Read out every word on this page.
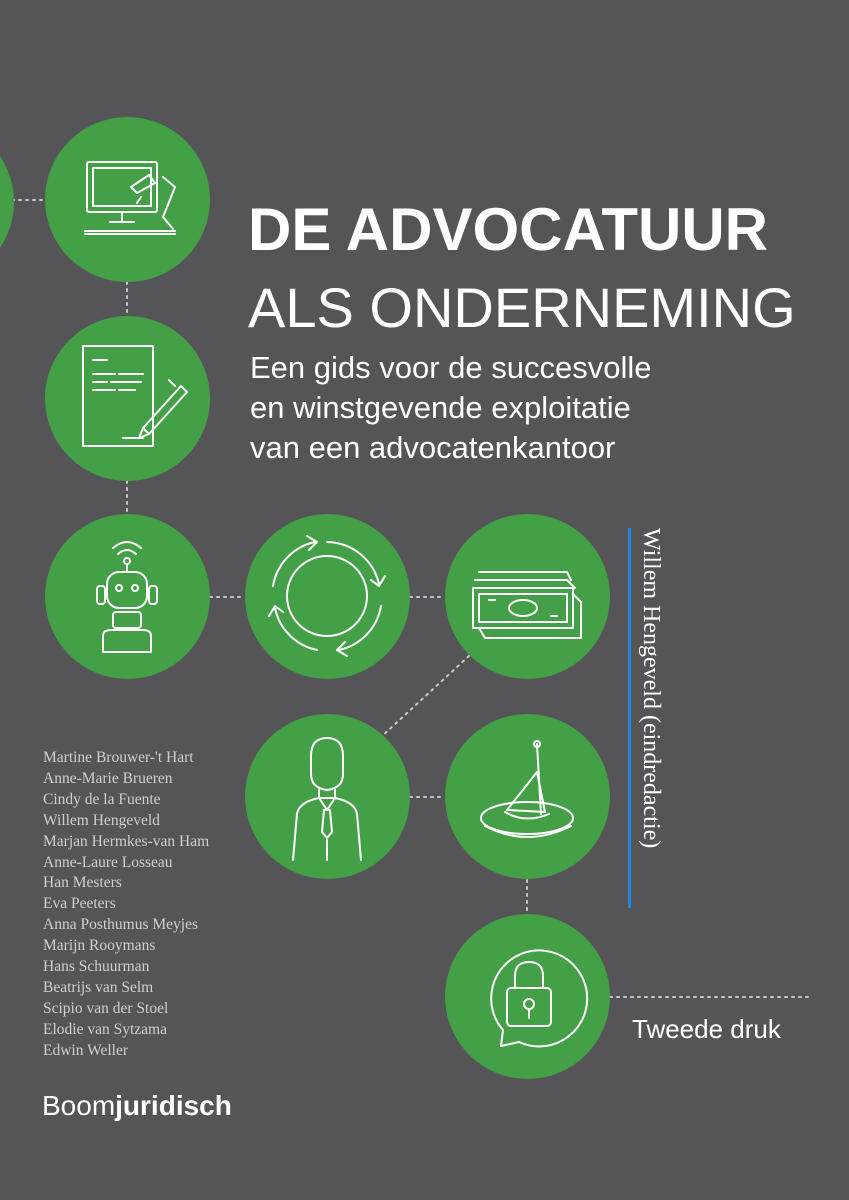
DE ADVOCATUUR
ALS ONDERNEMING
Een gids voor de succesvolle
en winstgevende exploitatie
van een advocatenkantoor
Willem Hengeveld (eindredactie)
Martine Brouwer-'t Hart
Anne-Marie Brueren
Cindy de la Fuente
Willem Hengeveld
Marjan Hermkes-van Ham
Anne-Laure Losseau
Han Mesters
Eva Peeters
Anna Posthumus Meyjes
Marijn Rooymans
Hans Schuurman
Beatrijs van Selm
Scipio van der Stoel
Elodie van Sytzama
Edwin Weller
Tweede druk
Boomjuridisch
